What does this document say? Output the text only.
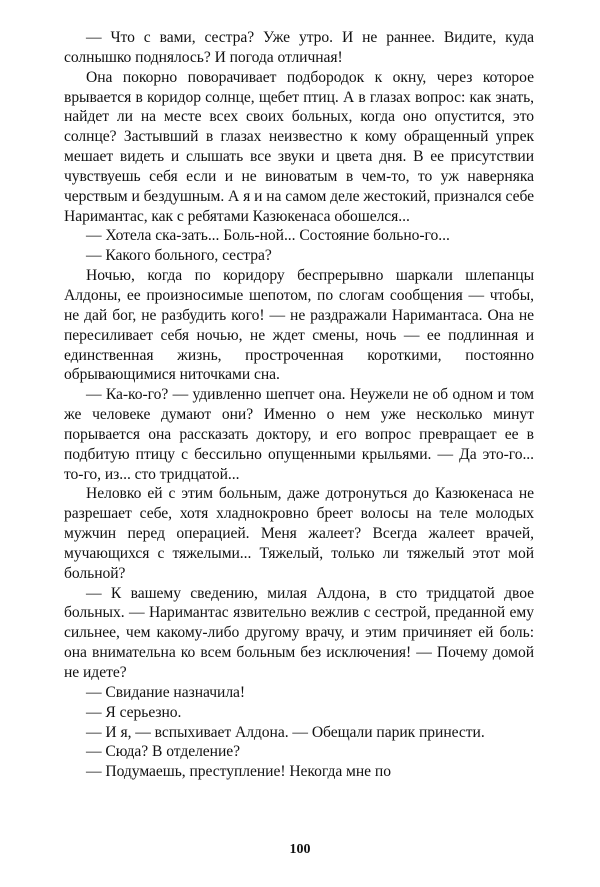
— Что с вами, сестра? Уже утро. И не раннее. Видите, куда солнышко поднялось? И погода отличная!

Она покорно поворачивает подбородок к окну, через которое врывается в коридор солнце, щебет птиц. А в глазах вопрос: как знать, найдет ли на месте всех своих больных, когда оно опустится, это солнце? Застывший в глазах неизвестно к кому обращенный упрек мешает видеть и слышать все звуки и цвета дня. В ее присутствии чувствуешь себя если и не виноватым в чем-то, то уж наверняка черствым и бездушным. А я и на самом деле жестокий, признался себе Наримантас, как с ребятами Казюкенаса обошелся...

— Хотела ска-зать... Боль-ной... Состояние больно-го...

— Какого больного, сестра?

Ночью, когда по коридору беспрерывно шаркали шлепанцы Алдоны, ее произносимые шепотом, по слогам сообщения — чтобы, не дай бог, не разбудить кого! — не раздражали Наримантаса. Она не пересиливает себя ночью, не ждет смены, ночь — ее подлинная и единственная жизнь, простроченная короткими, постоянно обрывающимися ниточками сна.

— Ка-ко-го? — удивленно шепчет она. Неужели не об одном и том же человеке думают они? Именно о нем уже несколько минут порывается она рассказать доктору, и его вопрос превращает ее в подбитую птицу с бессильно опущенными крыльями. — Да это-го... то-го, из... сто тридцатой...

Неловко ей с этим больным, даже дотронуться до Казюкенаса не разрешает себе, хотя хладнокровно бреет волосы на теле молодых мужчин перед операцией. Меня жалеет? Всегда жалеет врачей, мучающихся с тяжелыми... Тяжелый, только ли тяжелый этот мой больной?

— К вашему сведению, милая Алдона, в сто тридцатой двое больных. — Наримантас язвительно вежлив с сестрой, преданной ему сильнее, чем какому-либо другому врачу, и этим причиняет ей боль: она внимательна ко всем больным без исключения! — Почему домой не идете?

— Свидание назначила!

— Я серьезно.

— И я, — вспыхивает Алдона. — Обещали парик принести.

— Сюда? В отделение?

— Подумаешь, преступление! Некогда мне по

100
